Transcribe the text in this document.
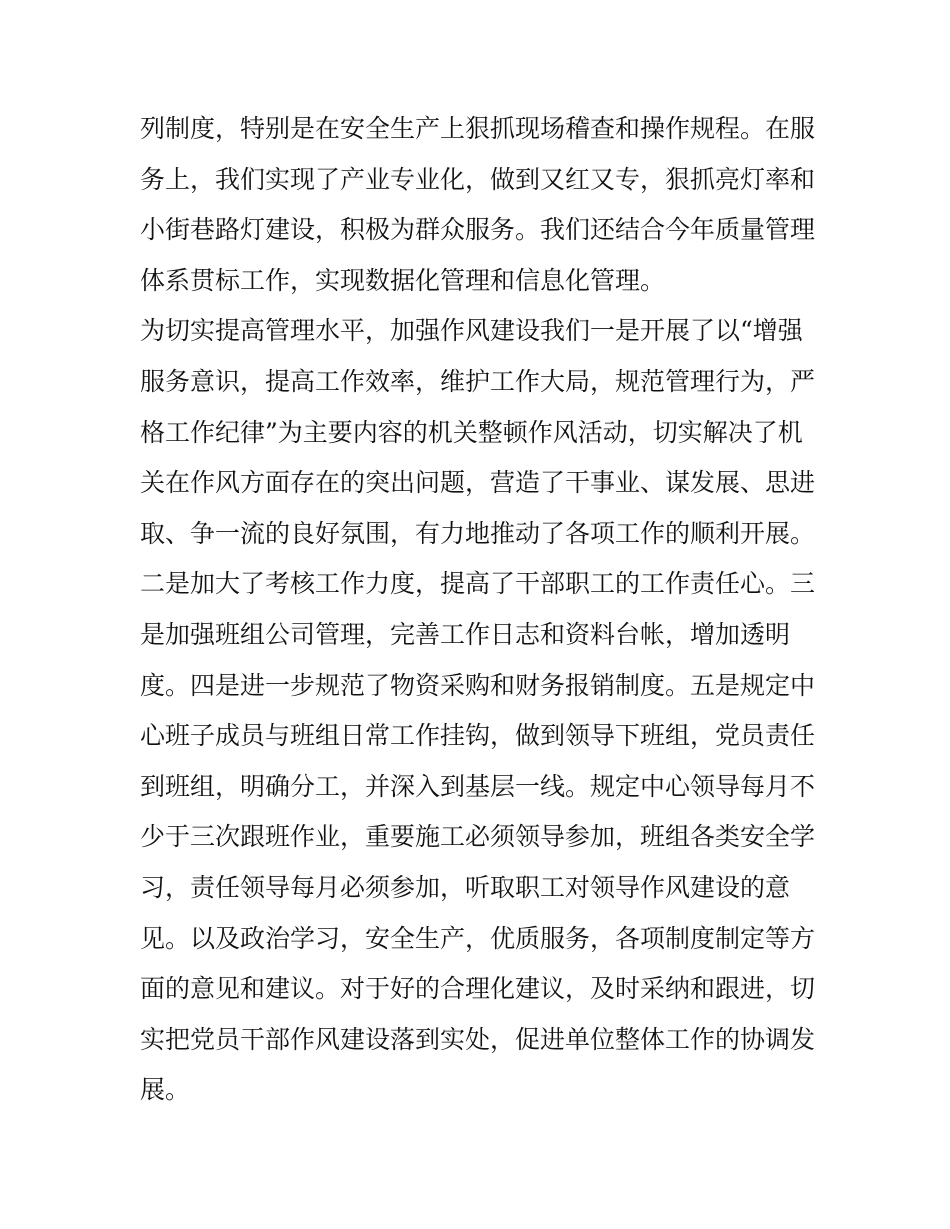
列制度，特别是在安全生产上狠抓现场稽查和操作规程。在服
务上，我们实现了产业专业化，做到又红又专，狠抓亮灯率和
小街巷路灯建设，积极为群众服务。我们还结合今年质量管理
体系贯标工作，实现数据化管理和信息化管理。
为切实提高管理水平，加强作风建设我们一是开展了以“增强
服务意识，提高工作效率，维护工作大局，规范管理行为，严
格工作纪律”为主要内容的机关整顿作风活动，切实解决了机
关在作风方面存在的突出问题，营造了干事业、谋发展、思进
取、争一流的良好氛围，有力地推动了各项工作的顺利开展。
二是加大了考核工作力度，提高了干部职工的工作责任心。三
是加强班组公司管理，完善工作日志和资料台帐，增加透明
度。四是进一步规范了物资采购和财务报销制度。五是规定中
心班子成员与班组日常工作挂钩，做到领导下班组，党员责任
到班组，明确分工，并深入到基层一线。规定中心领导每月不
少于三次跟班作业，重要施工必须领导参加，班组各类安全学
习，责任领导每月必须参加，听取职工对领导作风建设的意
见。以及政治学习，安全生产，优质服务，各项制度制定等方
面的意见和建议。对于好的合理化建议，及时采纳和跟进，切
实把党员干部作风建设落到实处，促进单位整体工作的协调发
展。
